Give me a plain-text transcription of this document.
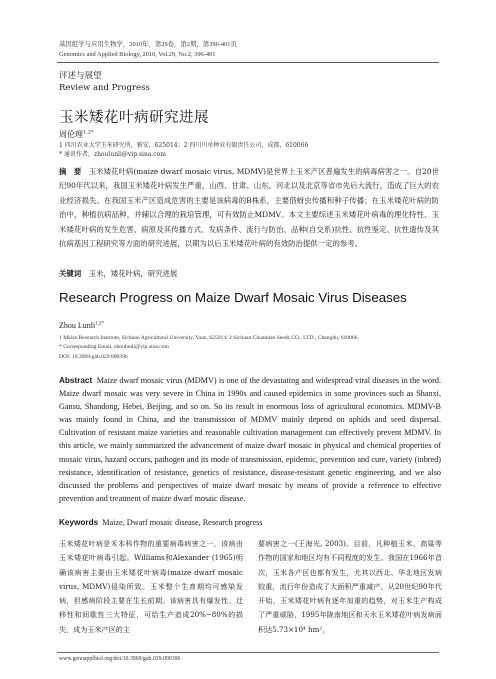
基因组学与应用生物学，2010年，第29卷，第2期，第396-401页
Genomics and Applied Biology, 2010, Vol.29, No.2, 396-401
评述与展望
Review and Progress
玉米矮花叶病研究进展
周伦理$^{1,2*}$
1 四川农业大学玉米研究所，雅安，625014；2 四川川单种业有限责任公司，成都，610066
* 通讯作者，zhoulunli@vip.sina.com
摘　要　 玉米矮花叶病(maize dwarf mosaic virus, MDMV)是世界上玉米产区普遍发生的病毒病害之一。自20世纪90年代以来，我国玉米矮花叶病发生严重，山西、甘肃、山东、河北以及北京等省市先后大流行，造成了巨大的农业经济损失。在我国玉米产区造成危害的主要是该病毒的B株系，主要借蚜虫传播和种子传播；在玉米矮花叶病的防治中，种植抗病品种，并辅以合理的栽培管理，可有效防止MDMV。本文主要综述玉米矮花叶病毒的理化特性、玉米矮花叶病的发生危害、病原及其传播方式、发病条件、流行与防治、品种(自交系)抗性、抗性鉴定、抗性遗传及其抗病基因工程研究等方面的研究进展，以期为以后玉米矮花叶病的有效防治提供一定的参考。
关键词　 玉米，矮花叶病，研究进展
Research Progress on Maize Dwarf Mosaic Virus Diseases
Zhou Lunli$^{1,2*}$
1 Maize Research Institute, Sichuan Agricultural University, Yaan, 625014; 2 Sichuan Chuandan Seeds CO., LTD., Chengdu, 610066
* Corresponding Email, zhoulunli@vip.sina.com
DOI: 10.3969/gab.029.000396
Abstract Maize dwarf mosaic virus (MDMV) is one of the devastating and widespread viral diseases in the word. Maize dwarf mosaic was very severe in China in 1990s and caused epidemics in some provinces such as Shanxi, Gansu, Shandong, Hebei, Beijing, and so on. So its result in enormous loss of agricultural economics. MDMV-B was mainly found in China, and the transmission of MDMV mainly depend on aphids and seed dispersal. Cultivation of resistant maize varieties and reasonable cultivation management can effectively prevent MDMV. In this article, we mainly summarized the advancement of maize dwarf mosaic in physical and chemical properties of mosaic virus, hazard occurs, pathogen and its mode of transmission, epidemic, prevention and cure, variety (inbred) resistance, identification of resistance, genetics of resistance, disease-resistant genetic engineering, and we also discussed the problems and perspectives of maize dwarf mosaic by means of provide a reference to effective prevention and treatment of maize dwarf mosaic disease.
Keywords Maize, Dwarf mosaic disease, Research progress
玉米矮花叶病是禾本科作物的重要病毒病害之一，该病由玉米矮花叶病毒引起。Williams和Alexander (1965)明确该病害主要由玉米矮花叶病毒(maize dwarf mosaic virus, MDMV)侵染所致。玉米整个生育期均可感染发病，但感病阶段主要在生长前期。该病害具有爆发性、迁移性和间歇性三大特征，可给生产造成20%~80%的损失，成为玉米产区的主
要病害之一(王海光, 2003)。目前，凡种植玉米、高粱等作物的国家和地区均有不同程度的发生。我国在1966年首次，玉米各产区也都有发生，尤其以西北、华北地区发病较重，流行年份造成了大面积严重减产。从20世纪90年代开始，玉米矮花叶病有逐年加重的趋势，对玉米生产构成了严重威胁，1995年陇南地区和天水玉米矮花叶病发病面积达5.73×10⁴ hm²，
www.genoapplbiol.org/doi/10.3969/gab.029.000396
